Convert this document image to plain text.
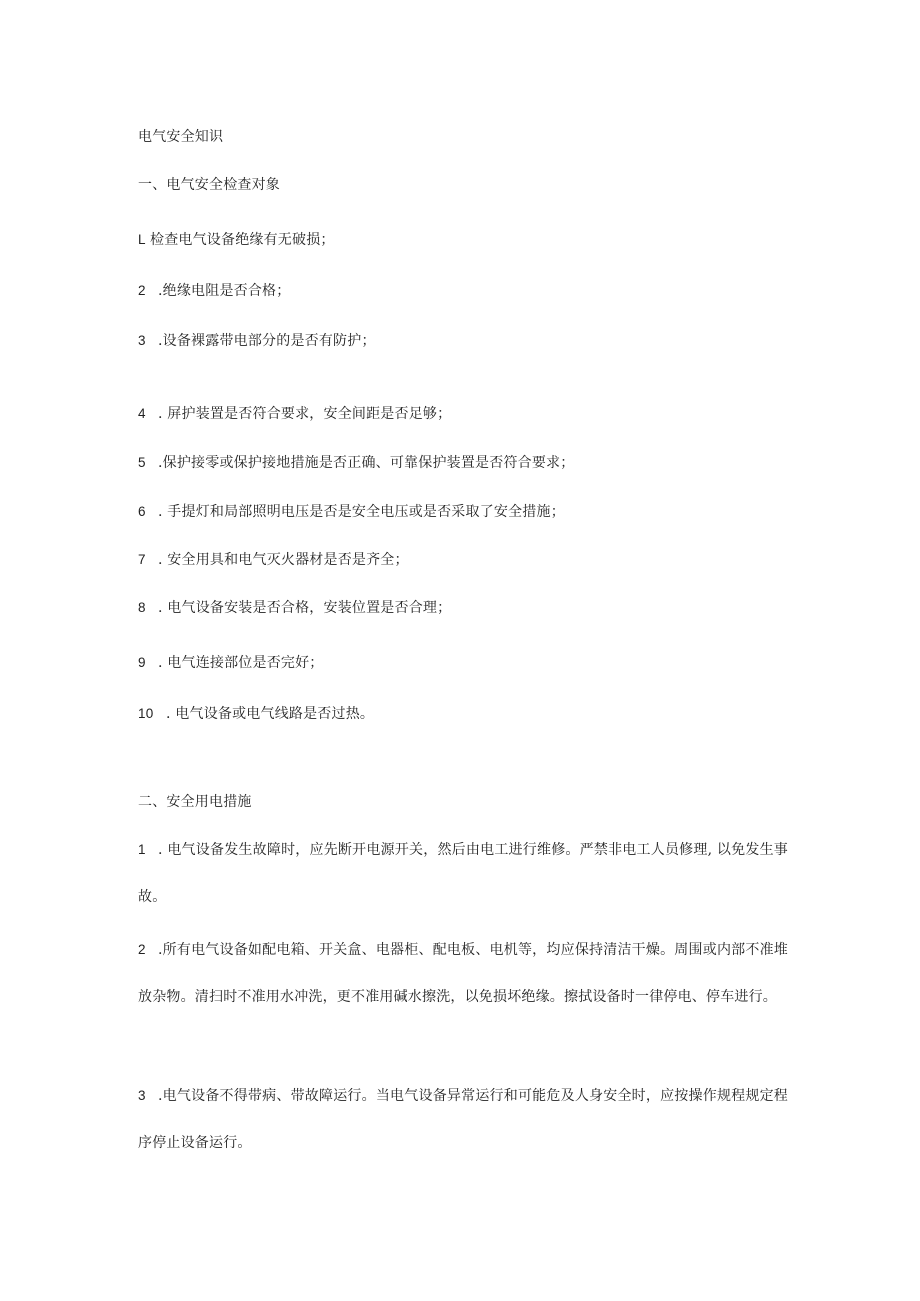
电气安全知识
一、电气安全检查对象
L 检查电气设备绝缘有无破损；
2 .绝缘电阻是否合格；
3 .设备裸露带电部分的是否有防护；
4 . 屏护装置是否符合要求，安全间距是否足够；
5 .保护接零或保护接地措施是否正确、可靠保护装置是否符合要求；
6 . 手提灯和局部照明电压是否是安全电压或是否采取了安全措施；
7 . 安全用具和电气灭火器材是否是齐全；
8 . 电气设备安装是否合格，安装位置是否合理；
9 . 电气连接部位是否完好；
10 . 电气设备或电气线路是否过热。
二、安全用电措施
1 . 电气设备发生故障时，应先断开电源开关，然后由电工进行维修。严禁非电工人员修理, 以免发生事故。
2 .所有电气设备如配电箱、开关盒、电器柜、配电板、电机等，均应保持清洁干燥。周围或内部不准堆放杂物。清扫时不准用水冲洗，更不准用碱水擦洗，以免损坏绝缘。擦拭设备时一律停电、停车进行。
3 .电气设备不得带病、带故障运行。当电气设备异常运行和可能危及人身安全时，应按操作规程规定程序停止设备运行。
